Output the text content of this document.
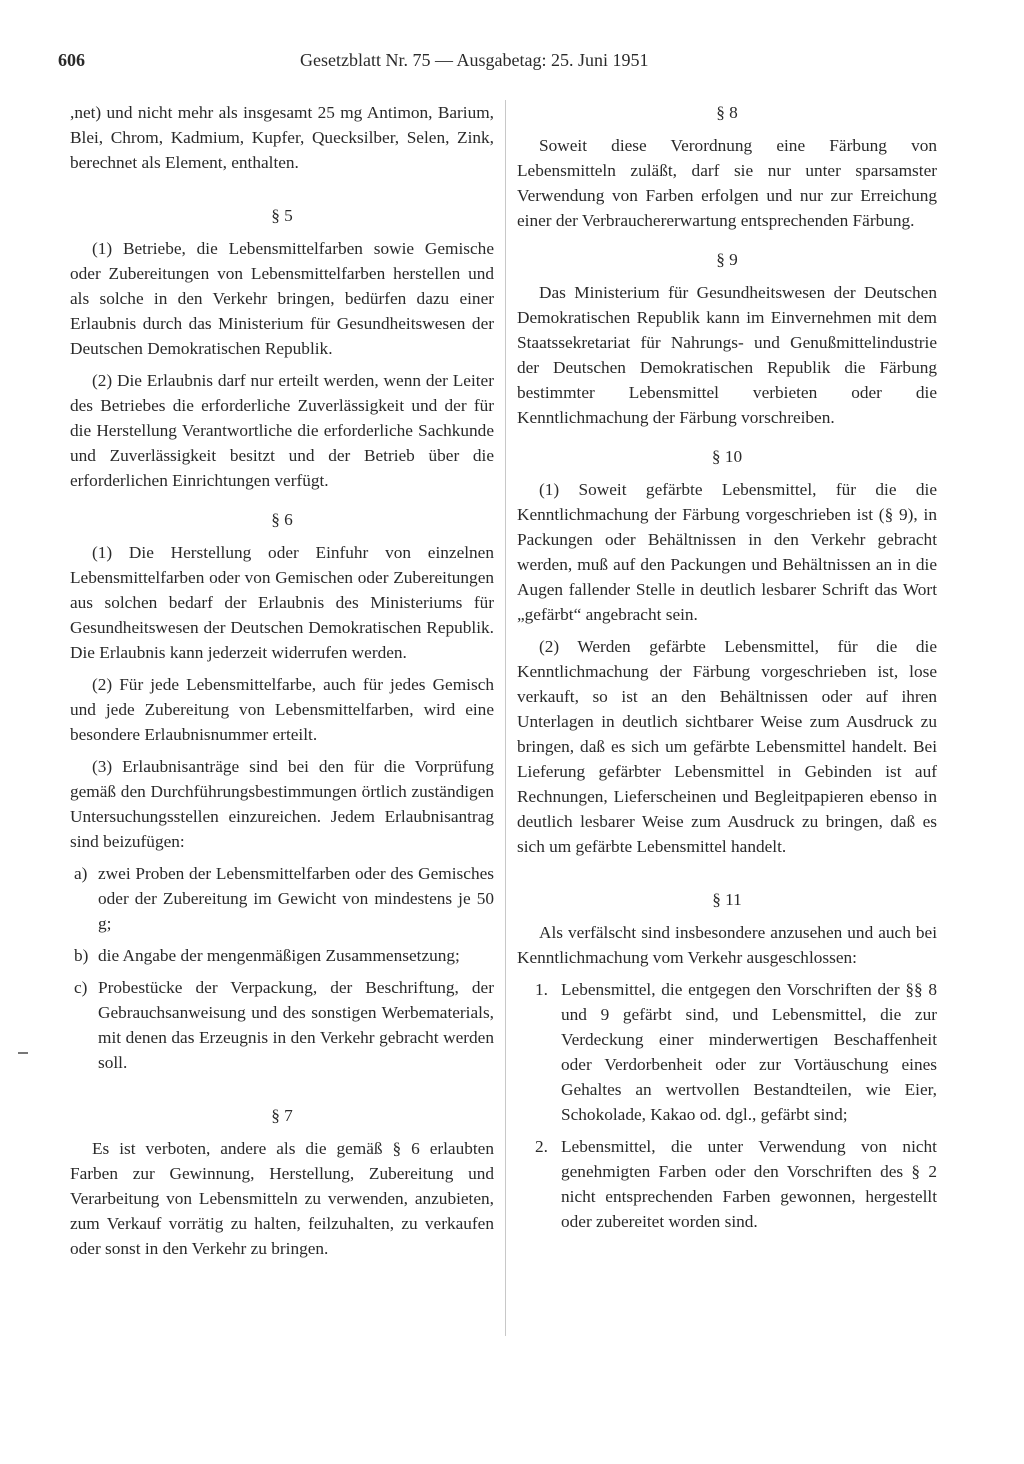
606	Gesetzblatt Nr. 75 — Ausgabetag: 25. Juni 1951

,net) und nicht mehr als insgesamt 25 mg Antimon, Barium, Blei, Chrom, Kadmium, Kupfer, Quecksilber, Selen, Zink, berechnet als Element, enthalten.

§ 5

(1) Betriebe, die Lebensmittelfarben sowie Gemische oder Zubereitungen von Lebensmittelfarben herstellen und als solche in den Verkehr bringen, bedürfen dazu einer Erlaubnis durch das Ministerium für Gesundheitswesen der Deutschen Demokratischen Republik.

(2) Die Erlaubnis darf nur erteilt werden, wenn der Leiter des Betriebes die erforderliche Zuverlässigkeit und der für die Herstellung Verantwortliche die erforderliche Sachkunde und Zuverlässigkeit besitzt und der Betrieb über die erforderlichen Einrichtungen verfügt.

§ 6

(1) Die Herstellung oder Einfuhr von einzelnen Lebensmittelfarben oder von Gemischen oder Zubereitungen aus solchen bedarf der Erlaubnis des Ministeriums für Gesundheitswesen der Deutschen Demokratischen Republik. Die Erlaubnis kann jederzeit widerrufen werden.

(2) Für jede Lebensmittelfarbe, auch für jedes Gemisch und jede Zubereitung von Lebensmittelfarben, wird eine besondere Erlaubnisnummer erteilt.

(3) Erlaubnisanträge sind bei den für die Vorprüfung gemäß den Durchführungsbestimmungen örtlich zuständigen Untersuchungsstellen einzureichen. Jedem Erlaubnisantrag sind beizufügen:

a) zwei Proben der Lebensmittelfarben oder des Gemisches oder der Zubereitung im Gewicht von mindestens je 50 g;
b) die Angabe der mengenmäßigen Zusammensetzung;
c) Probestücke der Verpackung, der Beschriftung, der Gebrauchsanweisung und des sonstigen Werbematerials, mit denen das Erzeugnis in den Verkehr gebracht werden soll.
§ 7

Es ist verboten, andere als die gemäß § 6 erlaubten Farben zur Gewinnung, Herstellung, Zubereitung und Verarbeitung von Lebensmitteln zu verwenden, anzubieten, zum Verkauf vorrätig zu halten, feilzuhalten, zu verkaufen oder sonst in den Verkehr zu bringen.

§ 8

Soweit diese Verordnung eine Färbung von Lebensmitteln zuläßt, darf sie nur unter sparsamster Verwendung von Farben erfolgen und nur zur Erreichung einer der Verbrauchererwartung entsprechenden Färbung.

§ 9

Das Ministerium für Gesundheitswesen der Deutschen Demokratischen Republik kann im Einvernehmen mit dem Staatssekretariat für Nahrungs- und Genußmittelindustrie der Deutschen Demokratischen Republik die Färbung bestimmter Lebensmittel verbieten oder die Kenntlichmachung der Färbung vorschreiben.

§ 10

(1) Soweit gefärbte Lebensmittel, für die die Kenntlichmachung der Färbung vorgeschrieben ist (§ 9), in Packungen oder Behältnissen in den Verkehr gebracht werden, muß auf den Packungen und Behältnissen an in die Augen fallender Stelle in deutlich lesbarer Schrift das Wort „gefärbt“ angebracht sein.

(2) Werden gefärbte Lebensmittel, für die die Kenntlichmachung der Färbung vorgeschrieben ist, lose verkauft, so ist an den Behältnissen oder auf ihren Unterlagen in deutlich sichtbarer Weise zum Ausdruck zu bringen, daß es sich um gefärbte Lebensmittel handelt. Bei Lieferung gefärbter Lebensmittel in Gebinden ist auf Rechnungen, Lieferscheinen und Begleitpapieren ebenso in deutlich lesbarer Weise zum Ausdruck zu bringen, daß es sich um gefärbte Lebensmittel handelt.

§ 11

Als verfälscht sind insbesondere anzusehen und auch bei Kenntlichmachung vom Verkehr ausgeschlossen:

1. Lebensmittel, die entgegen den Vorschriften der §§ 8 und 9 gefärbt sind, und Lebensmittel, die zur Verdeckung einer minderwertigen Beschaffenheit oder Verdorbenheit oder zur Vortäuschung eines Gehaltes an wertvollen Bestandteilen, wie Eier, Schokolade, Kakao od. dgl., gefärbt sind;
2. Lebensmittel, die unter Verwendung von nicht genehmigten Farben oder den Vorschriften des § 2 nicht entsprechenden Farben gewonnen, hergestellt oder zubereitet worden sind.
